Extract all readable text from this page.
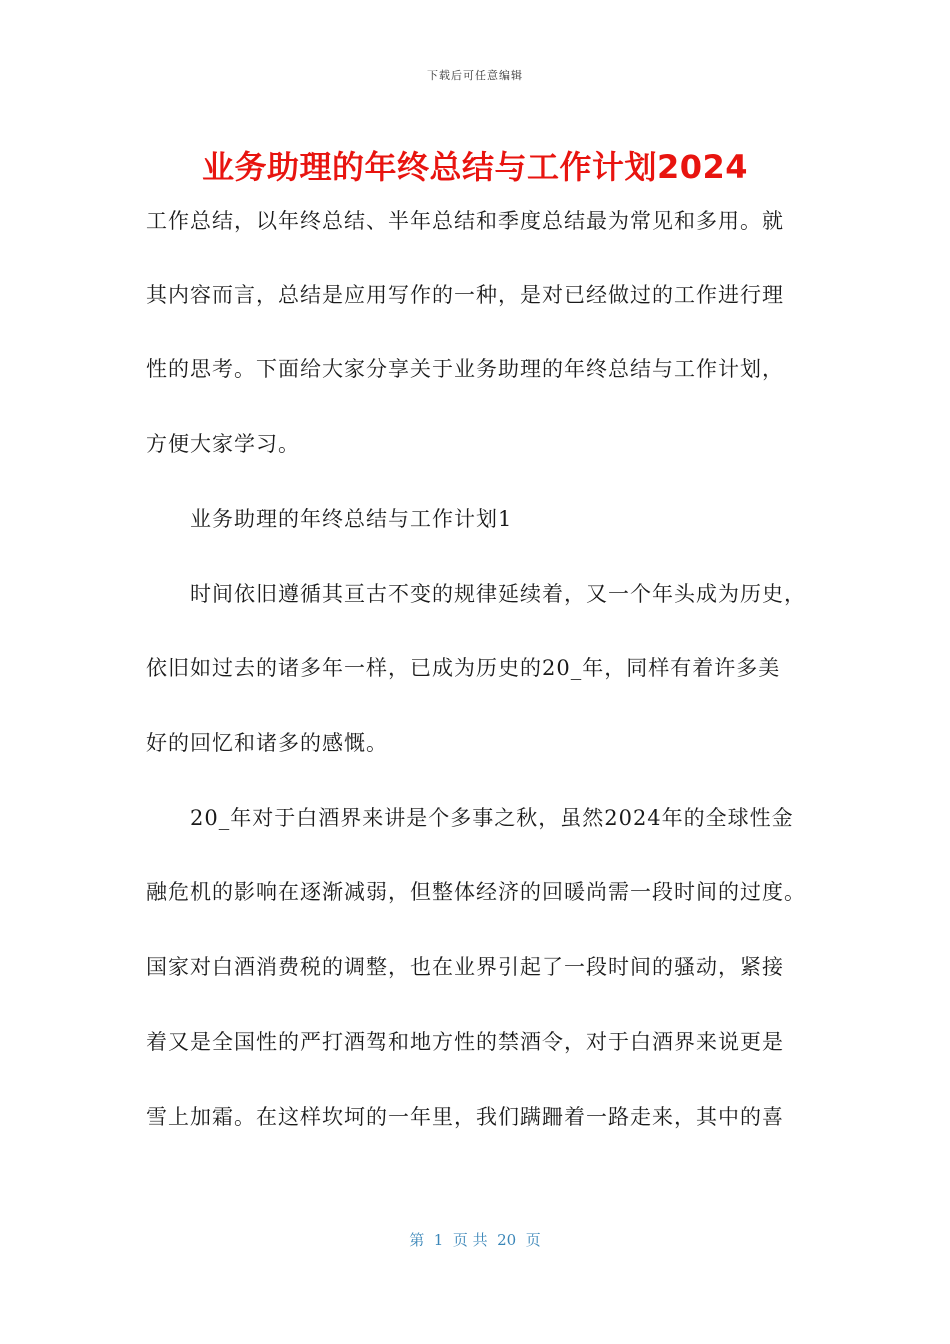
下载后可任意编辑
业务助理的年终总结与工作计划2024
工作总结，以年终总结、半年总结和季度总结最为常见和多用。就
其内容而言，总结是应用写作的一种，是对已经做过的工作进行理
性的思考。下面给大家分享关于业务助理的年终总结与工作计划，
方便大家学习。
业务助理的年终总结与工作计划1
时间依旧遵循其亘古不变的规律延续着，又一个年头成为历史，
依旧如过去的诸多年一样，已成为历史的20_年，同样有着许多美
好的回忆和诸多的感慨。
20_年对于白酒界来讲是个多事之秋，虽然2024年的全球性金
融危机的影响在逐渐减弱，但整体经济的回暖尚需一段时间的过度。
国家对白酒消费税的调整，也在业界引起了一段时间的骚动，紧接
着又是全国性的严打酒驾和地方性的禁酒令，对于白酒界来说更是
雪上加霜。在这样坎坷的一年里，我们蹒跚着一路走来，其中的喜
第  1  页 共  20  页
